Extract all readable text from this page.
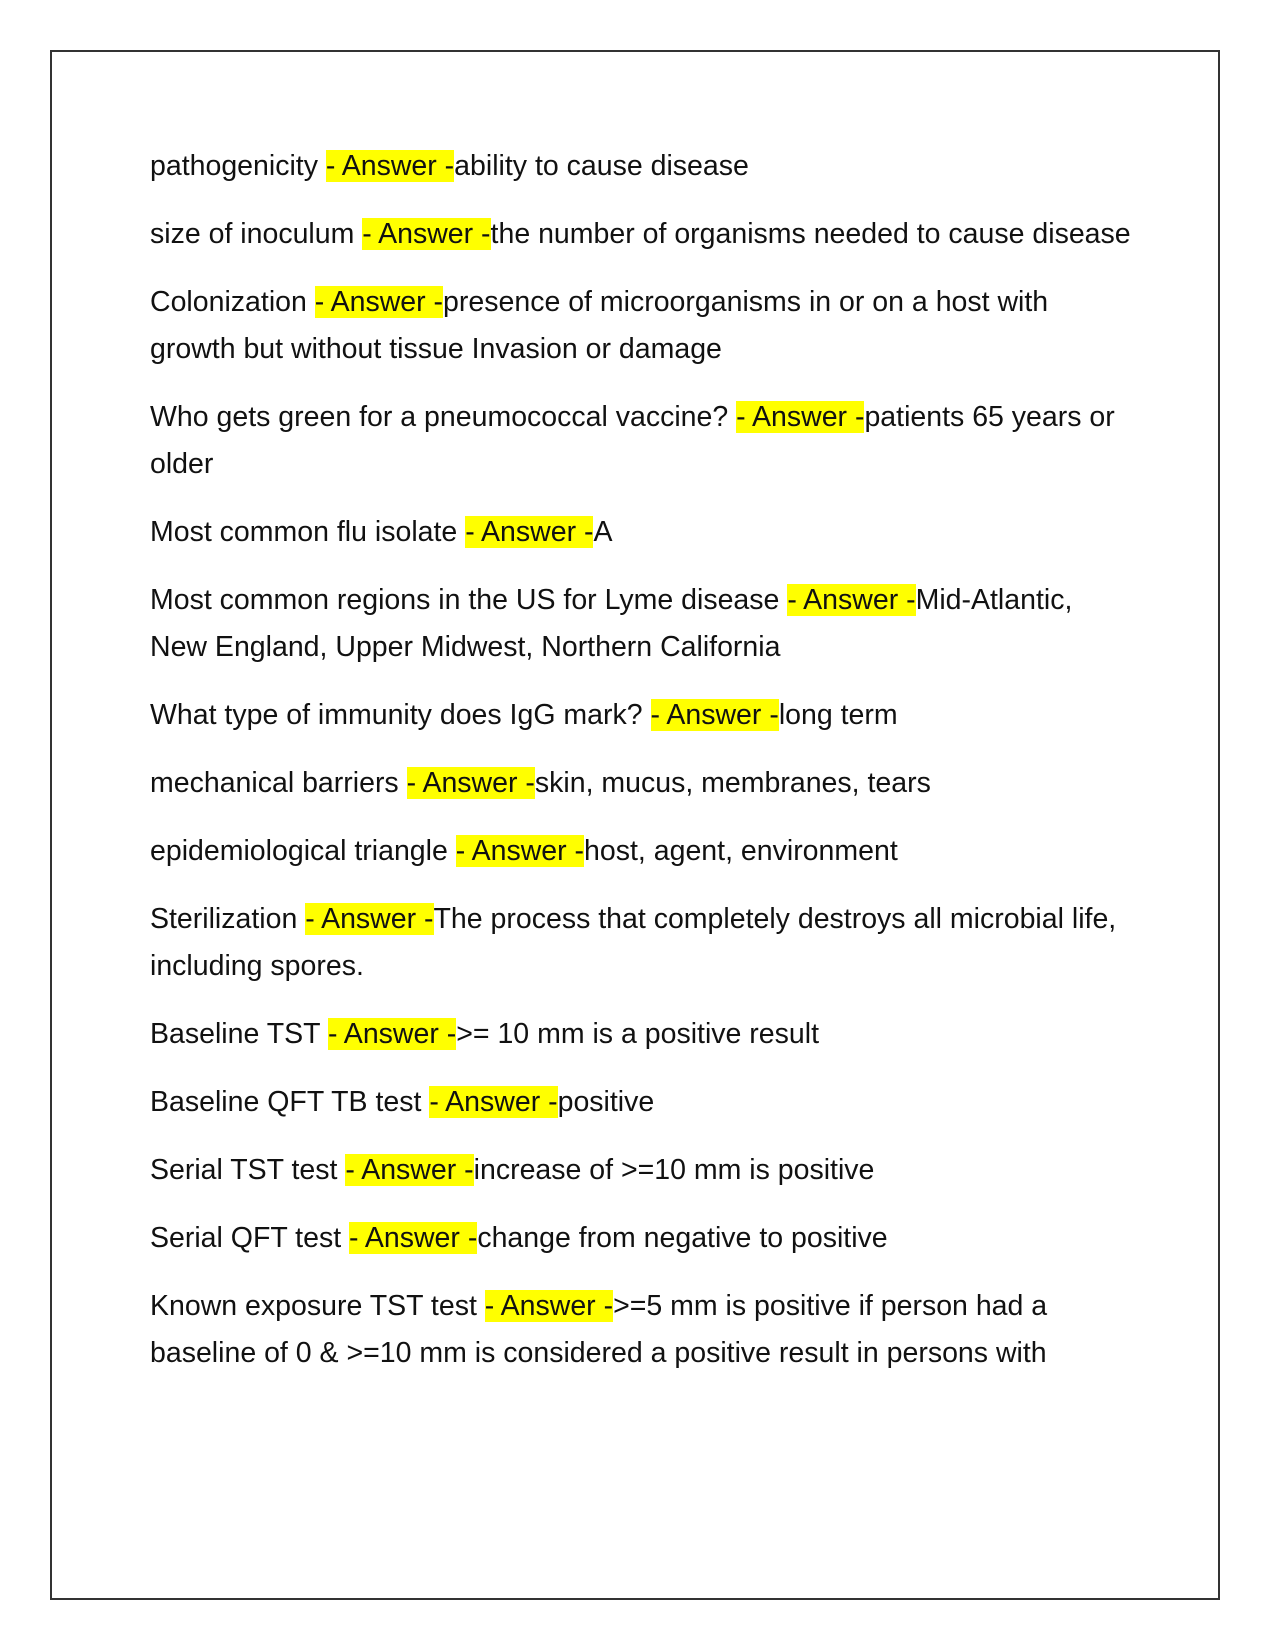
pathogenicity - Answer -ability to cause disease

size of inoculum - Answer -the number of organisms needed to cause disease

Colonization - Answer -presence of microorganisms in or on a host with growth but without tissue Invasion or damage

Who gets green for a pneumococcal vaccine? - Answer -patients 65 years or older

Most common flu isolate - Answer -A

Most common regions in the US for Lyme disease - Answer -Mid-Atlantic, New England, Upper Midwest, Northern California

What type of immunity does IgG mark? - Answer -long term

mechanical barriers - Answer -skin, mucus, membranes, tears

epidemiological triangle - Answer -host, agent, environment

Sterilization - Answer -The process that completely destroys all microbial life, including spores.

Baseline TST - Answer ->= 10 mm is a positive result

Baseline QFT TB test - Answer -positive

Serial TST test - Answer -increase of >=10 mm is positive

Serial QFT test - Answer -change from negative to positive

Known exposure TST test - Answer ->=5 mm is positive if person had a baseline of 0 & >=10 mm is considered a positive result in persons with
